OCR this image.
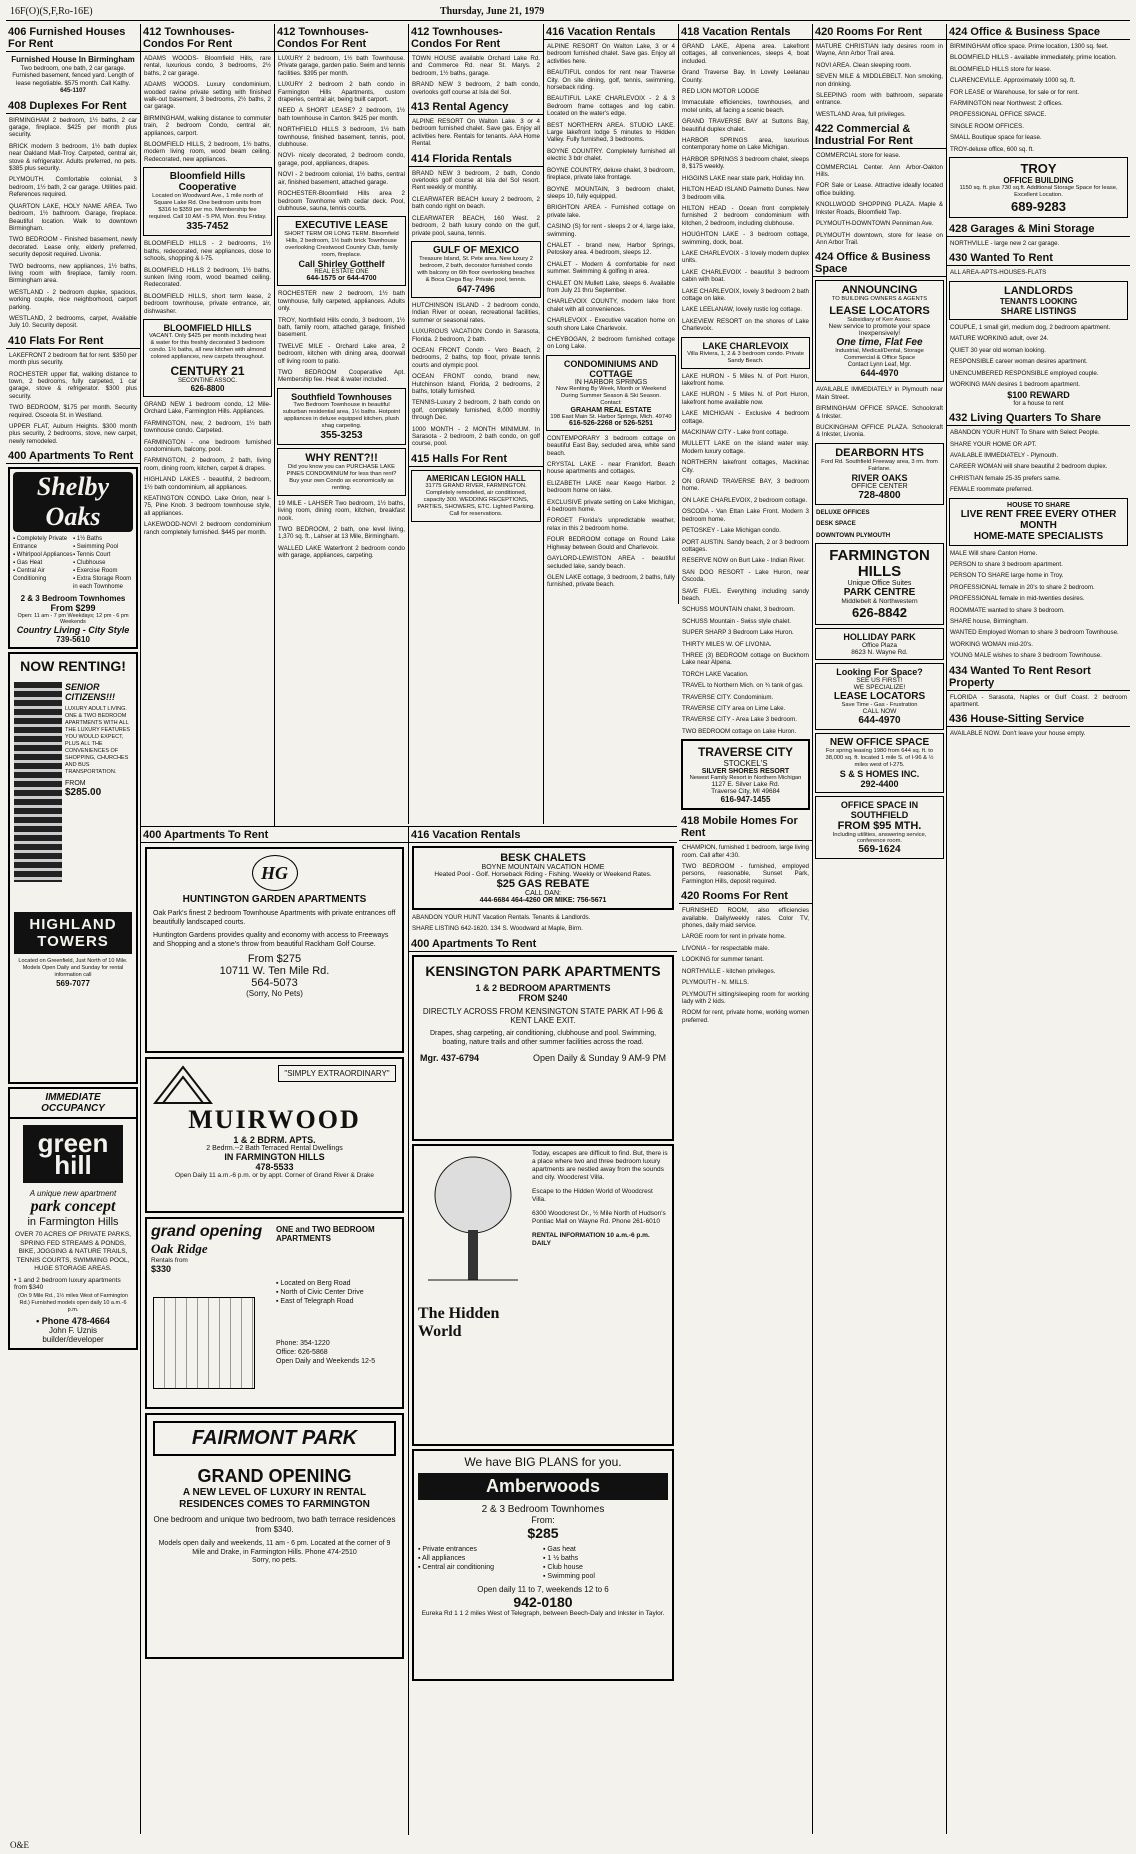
16F(O)(S,F,Ro-16E)	Thursday, June 21, 1979
406 Furnished Houses For Rent
Furnished House In Birmingham
Two bedroom, one bath, 2 car garage. Furnished basement, fenced yard. Length of lease negotiable. $575 month. Call Kathy.
645-1107
408 Duplexes For Rent
BIRMINGHAM 2 bedroom, 1½ baths, 2 car garage, fireplace. $425 per month plus security.
BRICK modern 3 bedroom, 1½ bath duplex near Oakland Mall-Troy. Carpeted, central air, stove & refrigerator. Adults preferred, no pets. $385 plus security.
PLYMOUTH. Comfortable colonial, 3 bedroom, 1½ bath, 2 car garage. Utilities paid. References required.
QUARTON LAKE, HOLY NAME AREA. Two bedroom, 1½ bathroom. Garage, fireplace. Beautiful location. Walk to downtown Birmingham.
TWO BEDROOM - Finished basement, newly decorated. Lease only, elderly preferred, security deposit required. Livonia.
TWO bedrooms, new appliances, 1½ baths, living room with fireplace, family room. Birmingham area.
WESTLAND - 2 bedroom duplex, spacious, working couple, nice neighborhood, carport parking.
WESTLAND, 2 bedrooms, carpet, Available July 10. Security deposit.
410 Flats For Rent
LAKEFRONT 2 bedroom flat for rent. $350 per month plus security.
ROCHESTER upper flat, walking distance to town, 2 bedrooms, fully carpeted, 1 car garage, stove & refrigerator. $300 plus security.
TWO BEDROOM, $175 per month. Security required. Osceola St. in Westland.
UPPER FLAT, Auburn Heights. $300 month plus security, 2 bedrooms, stove, new carpet, newly remodeled.
400 Apartments To Rent
Shelby Oaks
▪ Completely Private Entrance
▪ Whirlpool Appliances
▪ Gas Heat
▪ Central Air Conditioning
▪ 1½ Baths
▪ Swimming Pool
▪ Tennis Court
▪ Clubhouse
▪ Exercise Room
▪ Extra Storage Room in each Townhome
2 & 3 Bedroom Townhomes
From $299
Open: 11 am - 7 pm Weekdays; 12 pm - 6 pm Weekends
Country Living - City Style
739-5610
NOW RENTING!
SENIOR CITIZENS!!!
LUXURY ADULT LIVING. ONE & TWO BEDROOM APARTMENTS WITH ALL THE LUXURY FEATURES YOU WOULD EXPECT, PLUS ALL THE CONVENIENCES OF SHOPPING, CHURCHES AND BUS TRANSPORTATION.
FROM
$285.00
HIGHLAND TOWERS
Located on Greenfield, Just North of 10 Mile. Models Open Daily and Sunday for rental information call
569-7077
IMMEDIATE OCCUPANCY
green hill
A unique new apartment
park concept
in Farmington Hills
OVER 70 ACRES OF PRIVATE PARKS, SPRING FED STREAMS & PONDS, BIKE, JOGGING & NATURE TRAILS, TENNIS COURTS, SWIMMING POOL, HUGE STORAGE AREAS.
• 1 and 2 bedroom luxury apartments from $340
(On 9 Mile Rd., 1½ miles West of Farmington Rd.) Furnished models open daily 10 a.m.-6 p.m.
• Phone 478-4664
John F. Uznis
builder/developer
412 Townhouses-Condos For Rent
ADAMS WOODS- Bloomfield Hills, rare rental, luxurious condo, 3 bedrooms, 2½ baths, 2 car garage.
ADAMS WOODS. Luxury condominium, wooded ravine private setting with finished walk-out basement, 3 bedrooms, 2½ baths, 2 car garage.
BIRMINGHAM, walking distance to commuter train, 2 bedroom Condo, central air, appliances, carport.
BLOOMFIELD HILLS, 2 bedroom, 1½ baths, modern living room, wood beam ceiling. Redecorated, new appliances.
Bloomfield Hills Cooperative
Located on Woodward Ave., 1 mile north of Square Lake Rd. One bedroom units from $316 to $359 per mo. Membership fee required. Call 10 AM - 5 PM, Mon. thru Friday.
335-7452
BLOOMFIELD HILLS - 2 bedrooms, 1½ baths, redecorated, new appliances, close to schools, shopping & I-75.
BLOOMFIELD HILLS 2 bedroom, 1½ baths, sunken living room, wood beamed ceiling. Redecorated.
BLOOMFIELD HILLS, short term lease, 2 bedroom townhouse, private entrance, air, dishwasher.
BLOOMFIELD HILLS
VACANT. Only $425 per month including heat & water for this freshly decorated 3 bedroom condo. 1½ baths, all new kitchen with almond colored appliances, new carpets throughout.
CENTURY 21
SECONTINE ASSOC.
626-8800
GRAND NEW 1 bedroom condo, 12 Mile-Orchard Lake, Farmington Hills. Appliances.
FARMINGTON, new, 2 bedroom, 1½ bath townhouse condo. Carpeted.
FARMINGTON - one bedroom furnished condominium, balcony, pool.
FARMINGTON, 2 bedroom, 2 bath, living room, dining room, kitchen, carpet & drapes.
HIGHLAND LAKES - beautiful, 2 bedroom, 1½ bath condominium, all appliances.
KEATINGTON CONDO. Lake Orion, near I-75, Pine Knob. 3 bedroom townhouse style, all appliances.
LAKEWOOD-NOVI 2 bedroom condominium ranch completely furnished. $445 per month.
412 Townhouses-Condos For Rent
LUXURY 2 bedroom, 1½ bath Townhouse. Private garage, garden patio. Swim and tennis facilities. $395 per month.
LUXURY 2 bedroom 2 bath condo in Farmington Hills Apartments, custom draperies, central air, being built carport.
NEED A SHORT LEASE? 2 bedroom, 1½ bath townhouse in Canton. $425 per month.
NORTHFIELD HILLS 3 bedroom, 1½ bath townhouse, finished basement, tennis, pool, clubhouse.
NOVI- nicely decorated, 2 bedroom condo, garage, pool, appliances, drapes.
NOVI - 2 bedroom colonial, 1½ baths, central air, finished basement, attached garage.
ROCHESTER-Bloomfield Hills area 2 bedroom Townhome with cedar deck. Pool, clubhouse, sauna, tennis courts.
EXECUTIVE LEASE
SHORT TERM OR LONG TERM. Bloomfield Hills, 2 bedroom, 1½ bath brick Townhouse overlooking Crestwood Country Club, family room, fireplace.
Call Shirley Gotthelf
REAL ESTATE ONE
644-1575 or 644-4700
ROCHESTER new 2 bedroom, 1½ bath townhouse, fully carpeted, appliances. Adults only.
TROY, Northfield Hills condo, 3 bedroom, 1½ bath, family room, attached garage, finished basement.
TWELVE MILE - Orchard Lake area, 2 bedroom, kitchen with dining area, doorwall off living room to patio.
TWO BEDROOM Cooperative Apt. Membership fee. Heat & water included.
Southfield Townhouses
Two Bedroom Townhouse in beautiful suburban residential area, 1½ baths. Hotpoint appliances in deluxe equipped kitchen, plush shag carpeting.
355-3253
WHY RENT?!!
Did you know you can PURCHASE LAKE PINES CONDOMINIUM for less than rent? Buy your own Condo as economically as renting.
19 MILE - LAHSER Two bedroom, 1½ baths, living room, dining room, kitchen, breakfast nook.
TWO BEDROOM, 2 bath, one level living, 1,370 sq. ft., Lahser at 13 Mile, Birmingham.
WALLED LAKE Waterfront 2 bedroom condo with garage, appliances, carpeting.
412 Townhouses-Condos For Rent
TOWN HOUSE available Orchard Lake Rd. and Commerce Rd. near St. Marys. 2 bedroom, 1½ baths, garage.
BRAND NEW 3 bedroom, 2 bath condo, overlooks golf course at Isla del Sol.
413 Rental Agency
ALPINE RESORT On Walton Lake. 3 or 4 bedroom furnished chalet. Save gas. Enjoy all activities here. Rentals for tenants. AAA Home Rental.
414 Florida Rentals
BRAND NEW 3 bedroom, 2 bath, Condo overlooks golf course at Isla del Sol resort. Rent weekly or monthly.
CLEARWATER BEACH luxury 2 bedroom, 2 bath condo right on beach.
CLEARWATER BEACH, 160 West. 2 bedroom, 2 bath luxury condo on the gulf, private pool, sauna, tennis.
GULF OF MEXICO
Treasure Island, St. Pete area. New luxury 2 bedroom, 2 bath, decorator furnished condo with balcony on 6th floor overlooking beaches & Boca Ciega Bay. Private pool, tennis.
647-7496
HUTCHINSON ISLAND - 2 bedroom condo, Indian River or ocean, recreational facilities, summer or seasonal rates.
LUXURIOUS VACATION Condo in Sarasota, Florida. 2 bedroom, 2 bath.
OCEAN FRONT Condo - Vero Beach, 2 bedrooms, 2 baths, top floor, private tennis courts and olympic pool.
OCEAN FRONT condo, brand new, Hutchinson Island, Florida, 2 bedrooms, 2 baths, totally furnished.
TENNIS-Luxury 2 bedroom, 2 bath condo on golf, completely furnished, 8,000 monthly through Dec.
1000 MONTH - 2 MONTH MINIMUM. In Sarasota - 2 bedroom, 2 bath condo, on golf course, pool.
415 Halls For Rent
AMERICAN LEGION HALL
31775 GRAND RIVER, FARMINGTON. Completely remodeled, air conditioned, capacity 300. WEDDING RECEPTIONS, PARTIES, SHOWERS, ETC. Lighted Parking. Call for reservations.
416 Vacation Rentals
ALPINE RESORT On Walton Lake, 3 or 4 bedroom furnished chalet. Save gas. Enjoy all activities here.
BEAUTIFUL condos for rent near Traverse City. On site dining, golf, tennis, swimming, horseback riding.
BEAUTIFUL LAKE CHARLEVOIX - 2 & 3 Bedroom frame cottages and log cabin. Located on the water's edge.
BEST NORTHERN AREA. STUDIO LAKE. Large lakefront lodge 5 minutes to Hidden Valley. Fully furnished, 3 bedrooms.
BOYNE COUNTRY. Completely furnished all electric 3 bdr chalet.
BOYNE COUNTRY, deluxe chalet, 3 bedroom, fireplace, private lake frontage.
BOYNE MOUNTAIN, 3 bedroom chalet, sleeps 10, fully equipped.
BRIGHTON AREA - Furnished cottage on private lake.
CASINO (S) for rent - sleeps 2 or 4, large lake, swimming.
CHALET - brand new, Harbor Springs, Petoskey area. 4 bedroom, sleeps 12.
CHALET - Modern & comfortable for next summer. Swimming & golfing in area.
CHALET ON Mullett Lake, sleeps 6. Available from July 21 thru September.
CHARLEVOIX COUNTY, modern lake front chalet with all conveniences.
CHARLEVOIX - Executive vacation home on south shore Lake Charlevoix.
CHEYBOGAN, 2 bedroom furnished cottage on Long Lake.
CONDOMINIUMS AND COTTAGE
IN HARBOR SPRINGS
Now Renting By Week, Month or Weekend During Summer Season & Ski Season. Contact:
GRAHAM REAL ESTATE
198 East Main St. Harbor Springs, Mich. 49740
616-526-2268 or 526-5251
CONTEMPORARY 3 bedroom cottage on beautiful East Bay, secluded area, white sand beach.
CRYSTAL LAKE - near Frankfort. Beach house apartments and cottages.
ELIZABETH LAKE near Keego Harbor. 2 bedroom home on lake.
EXCLUSIVE private setting on Lake Michigan, 4 bedroom home.
FORGET Florida's unpredictable weather, relax in this 2 bedroom home.
FOUR BEDROOM cottage on Round Lake Highway between Gould and Charlevoix.
GAYLORD-LEWISTON AREA - beautiful secluded lake, sandy beach.
GLEN LAKE cottage, 3 bedroom, 2 baths, fully furnished, private beach.
418 Vacation Rentals
GRAND LAKE, Alpena area. Lakefront cottages, all conveniences, sleeps 4, boat included.
Grand Traverse Bay. In Lovely Leelanau County.
RED LION MOTOR LODGE
Immaculate efficiencies, townhouses, and motel units, all facing a scenic beach.
GRAND TRAVERSE BAY at Suttons Bay, beautiful duplex chalet.
HARBOR SPRINGS area, luxurious contemporary home on Lake Michigan.
HARBOR SPRINGS 3 bedroom chalet, sleeps 8, $175 weekly.
HIGGINS LAKE near state park, Holiday Inn.
HILTON HEAD ISLAND Palmetto Dunes. New 3 bedroom villa.
HILTON HEAD - Ocean front completely furnished 2 bedroom condominium with kitchen, 2 bedroom, including clubhouse.
HOUGHTON LAKE - 3 bedroom cottage, swimming, dock, boat.
LAKE CHARLEVOIX - 3 lovely modern duplex units.
LAKE CHARLEVOIX - beautiful 3 bedroom cabin with boat.
LAKE CHARLEVOIX, lovely 3 bedroom 2 bath cottage on lake.
LAKE LEELANAW, lovely rustic log cottage.
LAKEVIEW RESORT on the shores of Lake Charlevoix.
LAKE CHARLEVOIX
Villa Riviera, 1, 2 & 3 bedroom condo. Private Sandy Beach.
LAKE HURON - 5 Miles N. of Port Huron, lakefront home.
LAKE HURON - 5 Miles N. of Port Huron, lakefront home available now.
LAKE MICHIGAN - Exclusive 4 bedroom cottage.
MACKINAW CITY - Lake front cottage.
MULLETT LAKE on the island water way. Modern luxury cottage.
NORTHERN lakefront cottages, Mackinac City.
ON GRAND TRAVERSE BAY, 3 bedroom home.
ON LAKE CHARLEVOIX, 2 bedroom cottage.
OSCODA - Van Ettan Lake Front. Modern 3 bedroom home.
PETOSKEY - Lake Michigan condo.
PORT AUSTIN. Sandy beach, 2 or 3 bedroom cottages.
RESERVE NOW on Burt Lake - Indian River.
SAN DOO RESORT - Lake Huron, near Oscoda.
SAVE FUEL. Everything including sandy beach.
SCHUSS MOUNTAIN chalet, 3 bedroom.
SCHUSS Mountain - Swiss style chalet.
SUPER SHARP 3 Bedroom Lake Huron.
THIRTY MILES W. OF LIVONIA.
THREE (3) BEDROOM cottage on Buckhorn Lake near Alpena.
TORCH LAKE Vacation.
TRAVEL to Northern Mich. on ¾ tank of gas.
TRAVERSE CITY. Condominium.
TRAVERSE CITY area on Lime Lake.
TRAVERSE CITY - Area Lake 3 bedroom.
TWO BEDROOM cottage on Lake Huron.
TRAVERSE CITY
STOCKEL'S
SILVER SHORES RESORT
Newest Family Resort in Northern Michigan
1127 E. Silver Lake Rd.
Traverse City, MI 49684
616-947-1455
418 Mobile Homes For Rent
CHAMPION, furnished 1 bedroom, large living room. Call after 4:30.
TWO BEDROOM - furnished, employed persons, reasonable, Sunset Park, Farmington Hills, deposit required.
420 Rooms For Rent
FURNISHED ROOM, also efficiencies available. Daily/weekly rates. Color TV, phones, daily maid service.
LARGE room for rent in private home.
LIVONIA - for respectable male.
LOOKING for summer tenant.
NORTHVILLE - kitchen privileges.
PLYMOUTH - N. MILLS.
PLYMOUTH sitting/sleeping room for working lady with 2 kids.
ROOM for rent, private home, working women preferred.
420 Rooms For Rent
MATURE CHRISTIAN lady desires room in Wayne, Ann Arbor Trail area.
NOVI AREA. Clean sleeping room.
SEVEN MILE & MIDDLEBELT. Non smoking, non drinking.
SLEEPING room with bathroom, separate entrance.
WESTLAND Area, full privileges.
422 Commercial & Industrial For Rent
COMMERCIAL store for lease.
COMMERCIAL Center. Ann Arbor-Oakton Hills.
FOR Sale or Lease. Attractive ideally located office building.
KNOLLWOOD SHOPPING PLAZA. Maple & Inkster Roads, Bloomfield Twp.
PLYMOUTH-DOWNTOWN Penniman Ave.
PLYMOUTH downtown, store for lease on Ann Arbor Trail.
424 Office & Business Space
ANNOUNCING
TO BUILDING OWNERS & AGENTS
LEASE LOCATORS
Subsidiary of Kerr Assoc.
New service to promote your space Inexpensively!
One time, Flat Fee
Industrial, Medical/Dental, Storage Commercial & Office Space
Contact Lynn Leaf, Mgr.
644-4970
AVAILABLE IMMEDIATELY in Plymouth near Main Street.
BIRMINGHAM OFFICE SPACE. Schoolcraft & Inkster.
BUCKINGHAM OFFICE PLAZA. Schoolcraft & Inkster, Livonia.
DEARBORN HTS
Ford Rd. Southfield Freeway area, 3 rm. from Fairlane.
RIVER OAKS
OFFICE CENTER
728-4800
DELUXE OFFICES
DESK SPACE
DOWNTOWN PLYMOUTH
FARMINGTON HILLS
Unique Office Suites
PARK CENTRE
Middlebelt & Northwestern
626-8842
HOLLIDAY PARK
Office Plaza
8623 N. Wayne Rd.
Looking For Space?
SEE US FIRST!
WE SPECIALIZE!
LEASE LOCATORS
Save Time - Gas - Frustration
CALL NOW
644-4970
NEW OFFICE SPACE
For spring leasing 1980 from 644 sq. ft. to 38,000 sq. ft. located 1 mile S. of I-96 & ½ miles west of I-275.
S & S HOMES INC.
292-4400
OFFICE SPACE IN SOUTHFIELD
FROM $95 MTH.
Including utilities, answering service, conference room.
569-1624
424 Office & Business Space
BIRMINGHAM office space. Prime location, 1300 sq. feet.
BLOOMFIELD HILLS - available immediately, prime location.
BLOOMFIELD HILLS store for lease.
CLARENCEVILLE. Approximately 1000 sq. ft.
FOR LEASE or Warehouse, for sale or for rent.
FARMINGTON near Northwest: 2 offices.
PROFESSIONAL OFFICE SPACE.
SINGLE ROOM OFFICES.
SMALL Boutique space for lease.
TROY-deluxe office, 600 sq. ft.
TROY
OFFICE BUILDING
1150 sq. ft. plus 730 sq.ft. Additional Storage Space for lease, Excellent Location.
689-9283
428 Garages & Mini Storage
NORTHVILLE - large new 2 car garage.
430 Wanted To Rent
ALL AREA-APTS-HOUSES-FLATS
LANDLORDS
TENANTS LOOKING
SHARE LISTINGS
COUPLE, 1 small girl, medium dog, 2 bedroom apartment.
MATURE WORKING adult, over 24.
QUIET 30 year old woman looking.
RESPONSIBLE career woman desires apartment.
UNENCUMBERED RESPONSIBLE employed couple.
WORKING MAN desires 1 bedroom apartment.
$100 REWARD
for a house to rent
432 Living Quarters To Share
ABANDON YOUR HUNT To Share with Select People.
SHARE YOUR HOME OR APT.
AVAILABLE IMMEDIATELY - Plymouth.
CAREER WOMAN will share beautiful 2 bedroom duplex.
CHRISTIAN female 25-35 prefers same.
FEMALE roommate preferred.
HOUSE TO SHARE
LIVE RENT FREE EVERY OTHER MONTH
HOME-MATE SPECIALISTS
MALE Will share Canton Home.
PERSON to share 3 bedroom apartment.
PERSON TO SHARE large home in Troy.
PROFESSIONAL female in 20's to share 2 bedroom.
PROFESSIONAL female in mid-twenties desires.
ROOMMATE wanted to share 3 bedroom.
SHARE house, Birmingham.
WANTED Employed Woman to share 3 bedroom Townhouse.
WORKING WOMAN mid-20's.
YOUNG MALE wishes to share 3 bedroom Townhouse.
434 Wanted To Rent Resort Property
FLORIDA - Sarasota, Naples or Gulf Coast. 2 bedroom apartment.
436 House-Sitting Service
AVAILABLE NOW. Don't leave your house empty.
400 Apartments To Rent
HG
HUNTINGTON GARDEN APARTMENTS
Oak Park's finest 2 bedroom Townhouse Apartments with private entrances off beautifully landscaped courts.
Huntington Gardens provides quality and economy with access to Freeways and Shopping and a stone's throw from beautiful Rackham Golf Course.
From $275
10711 W. Ten Mile Rd.
564-5073
(Sorry, No Pets)
"SIMPLY EXTRAORDINARY"
MUIRWOOD
1 & 2 BDRM. APTS.
2 Bedrm.--2 Bath Terraced Rental Dwellings
IN FARMINGTON HILLS
478-5533
Open Daily 11 a.m.-6 p.m. or by appt. Corner of Grand River & Drake
grand opening
Oak Ridge
Rentals from
$330
ONE and TWO BEDROOM APARTMENTS
▪ Located on Berg Road
▪ North of Civic Center Drive
▪ East of Telegraph Road
Phone: 354-1220
Office: 626-5868
Open Daily and Weekends 12-5
FAIRMONT PARK
GRAND OPENING
A NEW LEVEL OF LUXURY IN RENTAL RESIDENCES COMES TO FARMINGTON
One bedroom and unique two bedroom, two bath terrace residences from $340.
Models open daily and weekends, 11 am - 6 pm. Located at the corner of 9 Mile and Drake, in Farmington Hills. Phone 474-2510
Sorry, no pets.
416 Vacation Rentals
BESK CHALETS
BOYNE MOUNTAIN VACATION HOME
Heated Pool - Golf. Horseback Riding - Fishing. Weekly or Weekend Rates.
$25 GAS REBATE
CALL DAN:
444-6684 464-4260 OR MIKE: 756-5671
ABANDON YOUR HUNT Vacation Rentals. Tenants & Landlords.
SHARE LISTING 642-1620. 134 S. Woodward at Maple, Birm.
400 Apartments To Rent
KENSINGTON PARK APARTMENTS
1 & 2 BEDROOM APARTMENTS
FROM $240
DIRECTLY ACROSS FROM KENSINGTON STATE PARK AT I-96 & KENT LAKE EXIT.
Drapes, shag carpeting, air conditioning, clubhouse and pool. Swimming, boating, nature trails and other summer facilities across the road.
Mgr. 437-6794	Open Daily & Sunday 9 AM-9 PM
The Hidden World
Today, escapes are difficult to find. But, there is a place where two and three bedroom luxury apartments are nestled away from the sounds and city. Woodcrest Villa.
Escape to the Hidden World of Woodcrest Villa.
6300 Woodcrest Dr., ½ Mile North of Hudson's Pontiac Mall on Wayne Rd. Phone 261-6010
RENTAL INFORMATION 10 a.m.-6 p.m. DAILY
We have BIG PLANS for you.
Amberwoods
2 & 3 Bedroom Townhomes
From:
$285
▪ Private entrances
▪ All appliances
▪ Central air conditioning
▪ Gas heat
▪ 1 ½ baths
▪ Club house
▪ Swimming pool
Open daily 11 to 7, weekends 12 to 6
942-0180
Eureka Rd 1 1 2 miles West of Telegraph, between Beech-Daly and Inkster in Taylor.
O&E
